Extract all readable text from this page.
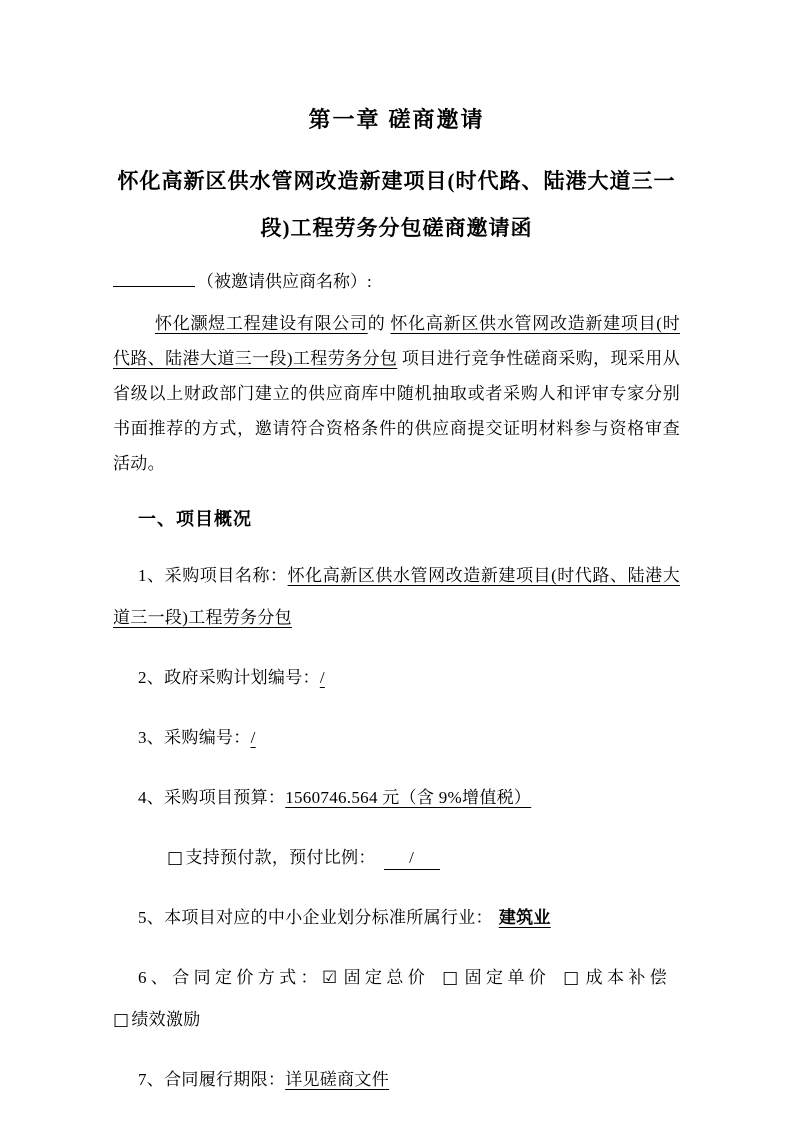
第一章 磋商邀请
怀化高新区供水管网改造新建项目(时代路、陆港大道三一
段)工程劳务分包磋商邀请函

（被邀请供应商名称）:

怀化灏煜工程建设有限公司的 怀化高新区供水管网改造新建项目(时代路、陆港大道三一段)工程劳务分包 项目进行竞争性磋商采购，现采用从省级以上财政部门建立的供应商库中随机抽取或者采购人和评审专家分别书面推荐的方式，邀请符合资格条件的供应商提交证明材料参与资格审查活动。

一、项目概况

1、采购项目名称：怀化高新区供水管网改造新建项目(时代路、陆港大道三一段)工程劳务分包

2、政府采购计划编号：/

3、采购编号：/

4、采购项目预算：1560746.564 元（含 9%增值税）

□ 支持预付款，预付比例： /

5、本项目对应的中小企业划分标准所属行业： 建筑业

6、合同定价方式：☑ 固定总价 □ 固定单价 □ 成本补偿□ 绩效激励

7、合同履行期限：详见磋商文件
